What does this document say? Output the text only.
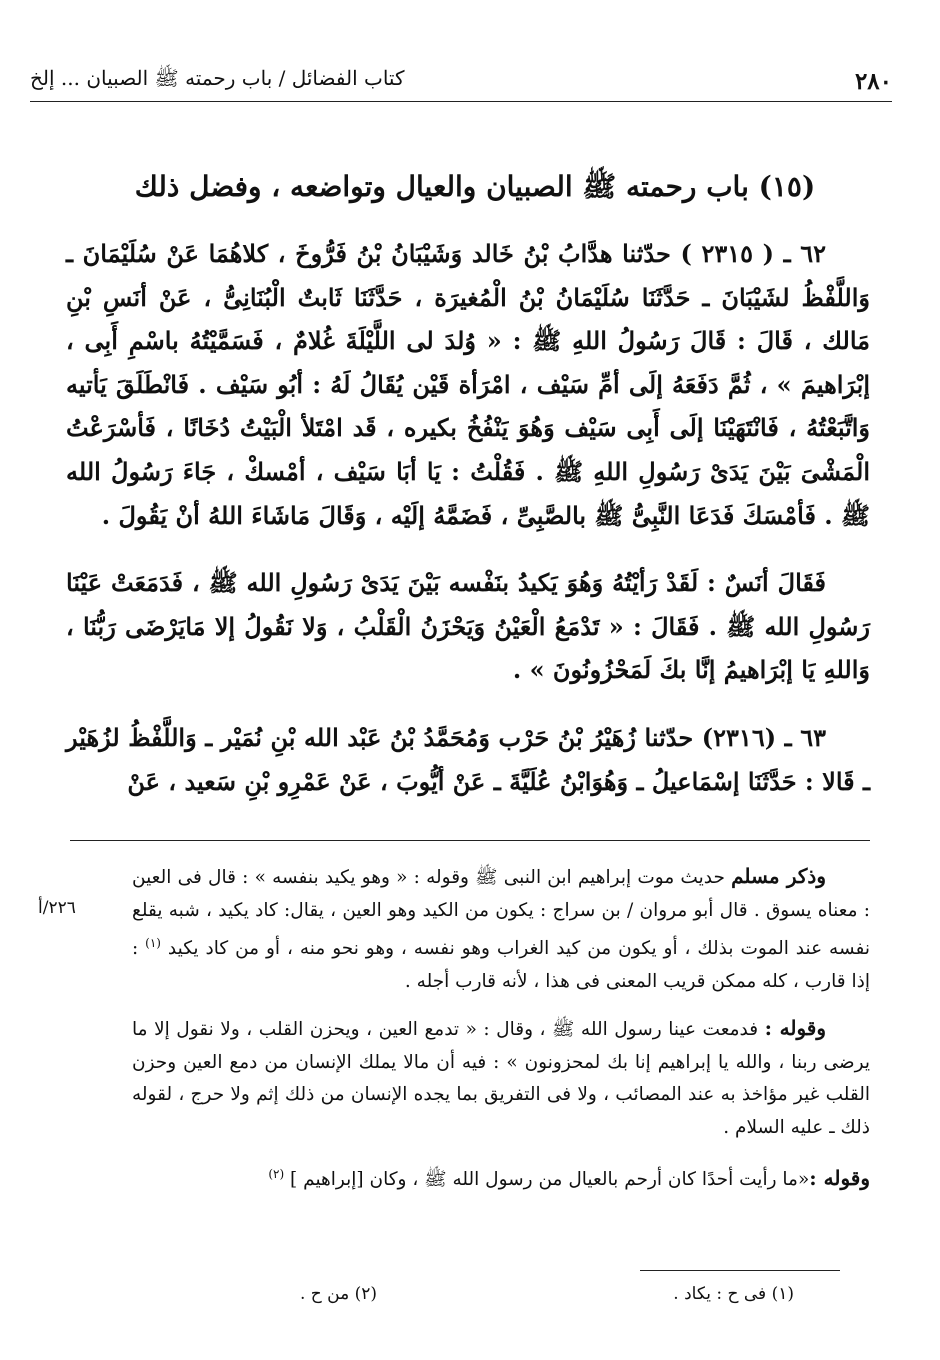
٢٨٠
كتاب الفضائل / باب رحمته ﷺ الصبيان ... إلخ
(١٥) باب رحمته ﷺ الصبيان والعيال وتواضعه ، وفضل ذلك

٦٢ ـ ( ٢٣١٥ ) حدّثنا هدَّابُ بْنُ خَالد وَشَيْبَانُ بْنُ فَرُّوخَ ، كلاهُمَا عَنْ سُلَيْمَانَ ـ وَاللَّفْظُ لشَيْبَانَ ـ حَدَّثَنَا سُلَيْمَانُ بْنُ الْمُغيرَة ، حَدَّثَنَا ثَابتٌ الْبُنَانِىُّ ، عَنْ أنَسِ بْنِ مَالك ، قَالَ : قَالَ رَسُولُ اللهِ ﷺ : « وُلدَ لى اللَّيْلَةَ غُلامٌ ، فَسَمَّيْتُهُ باسْمِ أَبِى ، إبْرَاهيمَ » ، ثُمَّ دَفَعَهُ إلَى أمِّ سَيْف ، امْرَأة قَيْن يُقَالُ لَهُ : أبُو سَيْف . فَانْطَلَقَ يَأتيه وَاتَّبَعْتُهُ ، فَانْتَهَيْنَا إلَى أَبِى سَيْف وَهُوَ يَنْفُخُ بكيره ، قَد امْتَلأ الْبَيْتُ دُخَانًا ، فَأسْرَعْتُ الْمَشْىَ بَيْنَ يَدَىْ رَسُولِ اللهِ ﷺ . فَقُلْتُ : يَا أبَا سَيْف ، أمْسكْ ، جَاءَ رَسُولُ الله ﷺ . فَأمْسَكَ فَدَعَا النَّبِىُّ ﷺ بالصَّبِىِّ ، فَضَمَّهُ إلَيْه ، وَقَالَ مَاشَاءَ اللهُ أنْ يَقُولَ .

فَقَالَ أنَسٌ : لَقَدْ رَأيْتُهُ وَهُوَ يَكيدُ بنَفْسه بَيْنَ يَدَىْ رَسُولِ الله ﷺ ، فَدَمَعَتْ عَيْنَا رَسُولِ الله ﷺ . فَقَالَ : « تَدْمَعُ الْعَيْنُ وَيَحْزَنُ الْقَلْبُ ، وَلا نَقُولُ إلا مَايَرْضَى رَبُّنَا ، وَاللهِ يَا إبْرَاهيمُ إنَّا بكَ لَمَحْزُونُونَ » .

٦٣ ـ (٢٣١٦) حدّثنا زُهَيْرُ بْنُ حَرْب وَمُحَمَّدُ بْنُ عَبْد الله بْنِ نُمَيْر ـ وَاللَّفْظُ لزُهَيْر ـ قَالا : حَدَّثَنَا إسْمَاعيلُ ـ وَهُوَابْنُ عُلَيَّةَ ـ عَنْ أيُّوبَ ، عَنْ عَمْرِو بْنِ سَعيد ، عَنْ

٢٢٦/أ

وذكر مسلم حديث موت إبراهيم ابن النبى ﷺ وقوله : « وهو يكيد بنفسه » : قال فى العين : معناه يسوق . قال أبو مروان / بن سراج : يكون من الكيد وهو العين ، يقال: كاد يكيد ، شبه يقلع نفسه عند الموت بذلك ، أو يكون من كيد الغراب وهو نفسه ، وهو نحو منه ، أو من كاد يكيد $^{(١)}$ : إذا قارب ، كله ممكن قريب المعنى فى هذا ، لأنه قارب أجله .

وقوله : فدمعت عينا رسول الله ﷺ ، وقال : « تدمع العين ، ويحزن القلب ، ولا نقول إلا ما يرضى ربنا ، والله يا إبراهيم إنا بك لمحزونون » : فيه أن مالا يملك الإنسان من دمع العين وحزن القلب غير مؤاخذ به عند المصائب ، ولا فى التفريق بما يجده الإنسان من ذلك إثم ولا حرج ، لقوله ذلك ـ عليه السلام .

وقوله :«ما رأيت أحدًا كان أرحم بالعيال من رسول الله ﷺ ، وكان [إبراهيم ] $^{(٢)}$

(١) فى ح : يكاد .
(٢) من ح .
